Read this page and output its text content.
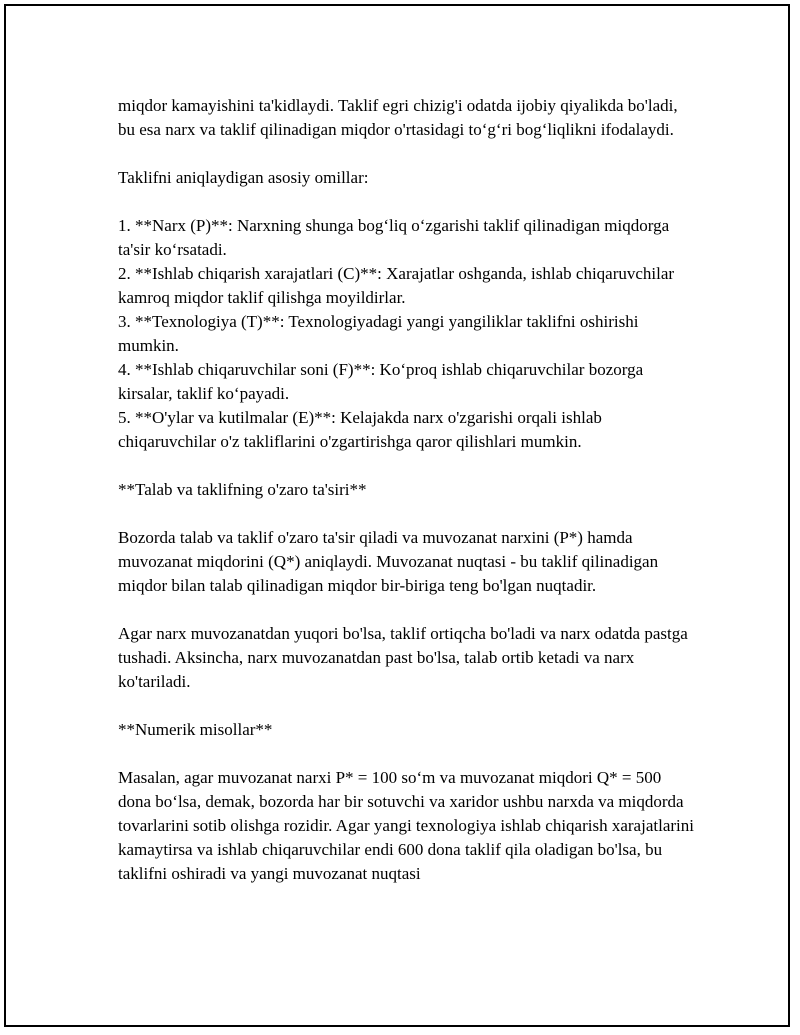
miqdor kamayishini ta'kidlaydi. Taklif egri chizig'i odatda ijobiy qiyalikda bo'ladi, bu esa narx va taklif qilinadigan miqdor o'rtasidagi to‘g‘ri bog‘liqlikni ifodalaydi.

Taklifni aniqlaydigan asosiy omillar:

1. **Narx (P)**: Narxning shunga bog‘liq o‘zgarishi taklif qilinadigan miqdorga ta'sir ko‘rsatadi.

2. **Ishlab chiqarish xarajatlari (C)**: Xarajatlar oshganda, ishlab chiqaruvchilar kamroq miqdor taklif qilishga moyildirlar.

3. **Texnologiya (T)**: Texnologiyadagi yangi yangiliklar taklifni oshirishi mumkin.

4. **Ishlab chiqaruvchilar soni (F)**: Ko‘proq ishlab chiqaruvchilar bozorga kirsalar, taklif ko‘payadi.

5. **O'ylar va kutilmalar (E)**: Kelajakda narx o'zgarishi orqali ishlab chiqaruvchilar o'z takliflarini o'zgartirishga qaror qilishlari mumkin.

**Talab va taklifning o'zaro ta'siri**

Bozorda talab va taklif o'zaro ta'sir qiladi va muvozanat narxini (P*) hamda muvozanat miqdorini (Q*) aniqlaydi. Muvozanat nuqtasi - bu taklif qilinadigan miqdor bilan talab qilinadigan miqdor bir-biriga teng bo'lgan nuqtadir.

Agar narx muvozanatdan yuqori bo'lsa, taklif ortiqcha bo'ladi va narx odatda pastga tushadi. Aksincha, narx muvozanatdan past bo'lsa, talab ortib ketadi va narx ko'tariladi.

**Numerik misollar**

Masalan, agar muvozanat narxi P* = 100 so‘m va muvozanat miqdori Q* = 500 dona bo‘lsa, demak, bozorda har bir sotuvchi va xaridor ushbu narxda va miqdorda tovarlarini sotib olishga rozidir. Agar yangi texnologiya ishlab chiqarish xarajatlarini kamaytirsa va ishlab chiqaruvchilar endi 600 dona taklif qila oladigan bo'lsa, bu taklifni oshiradi va yangi muvozanat nuqtasi
